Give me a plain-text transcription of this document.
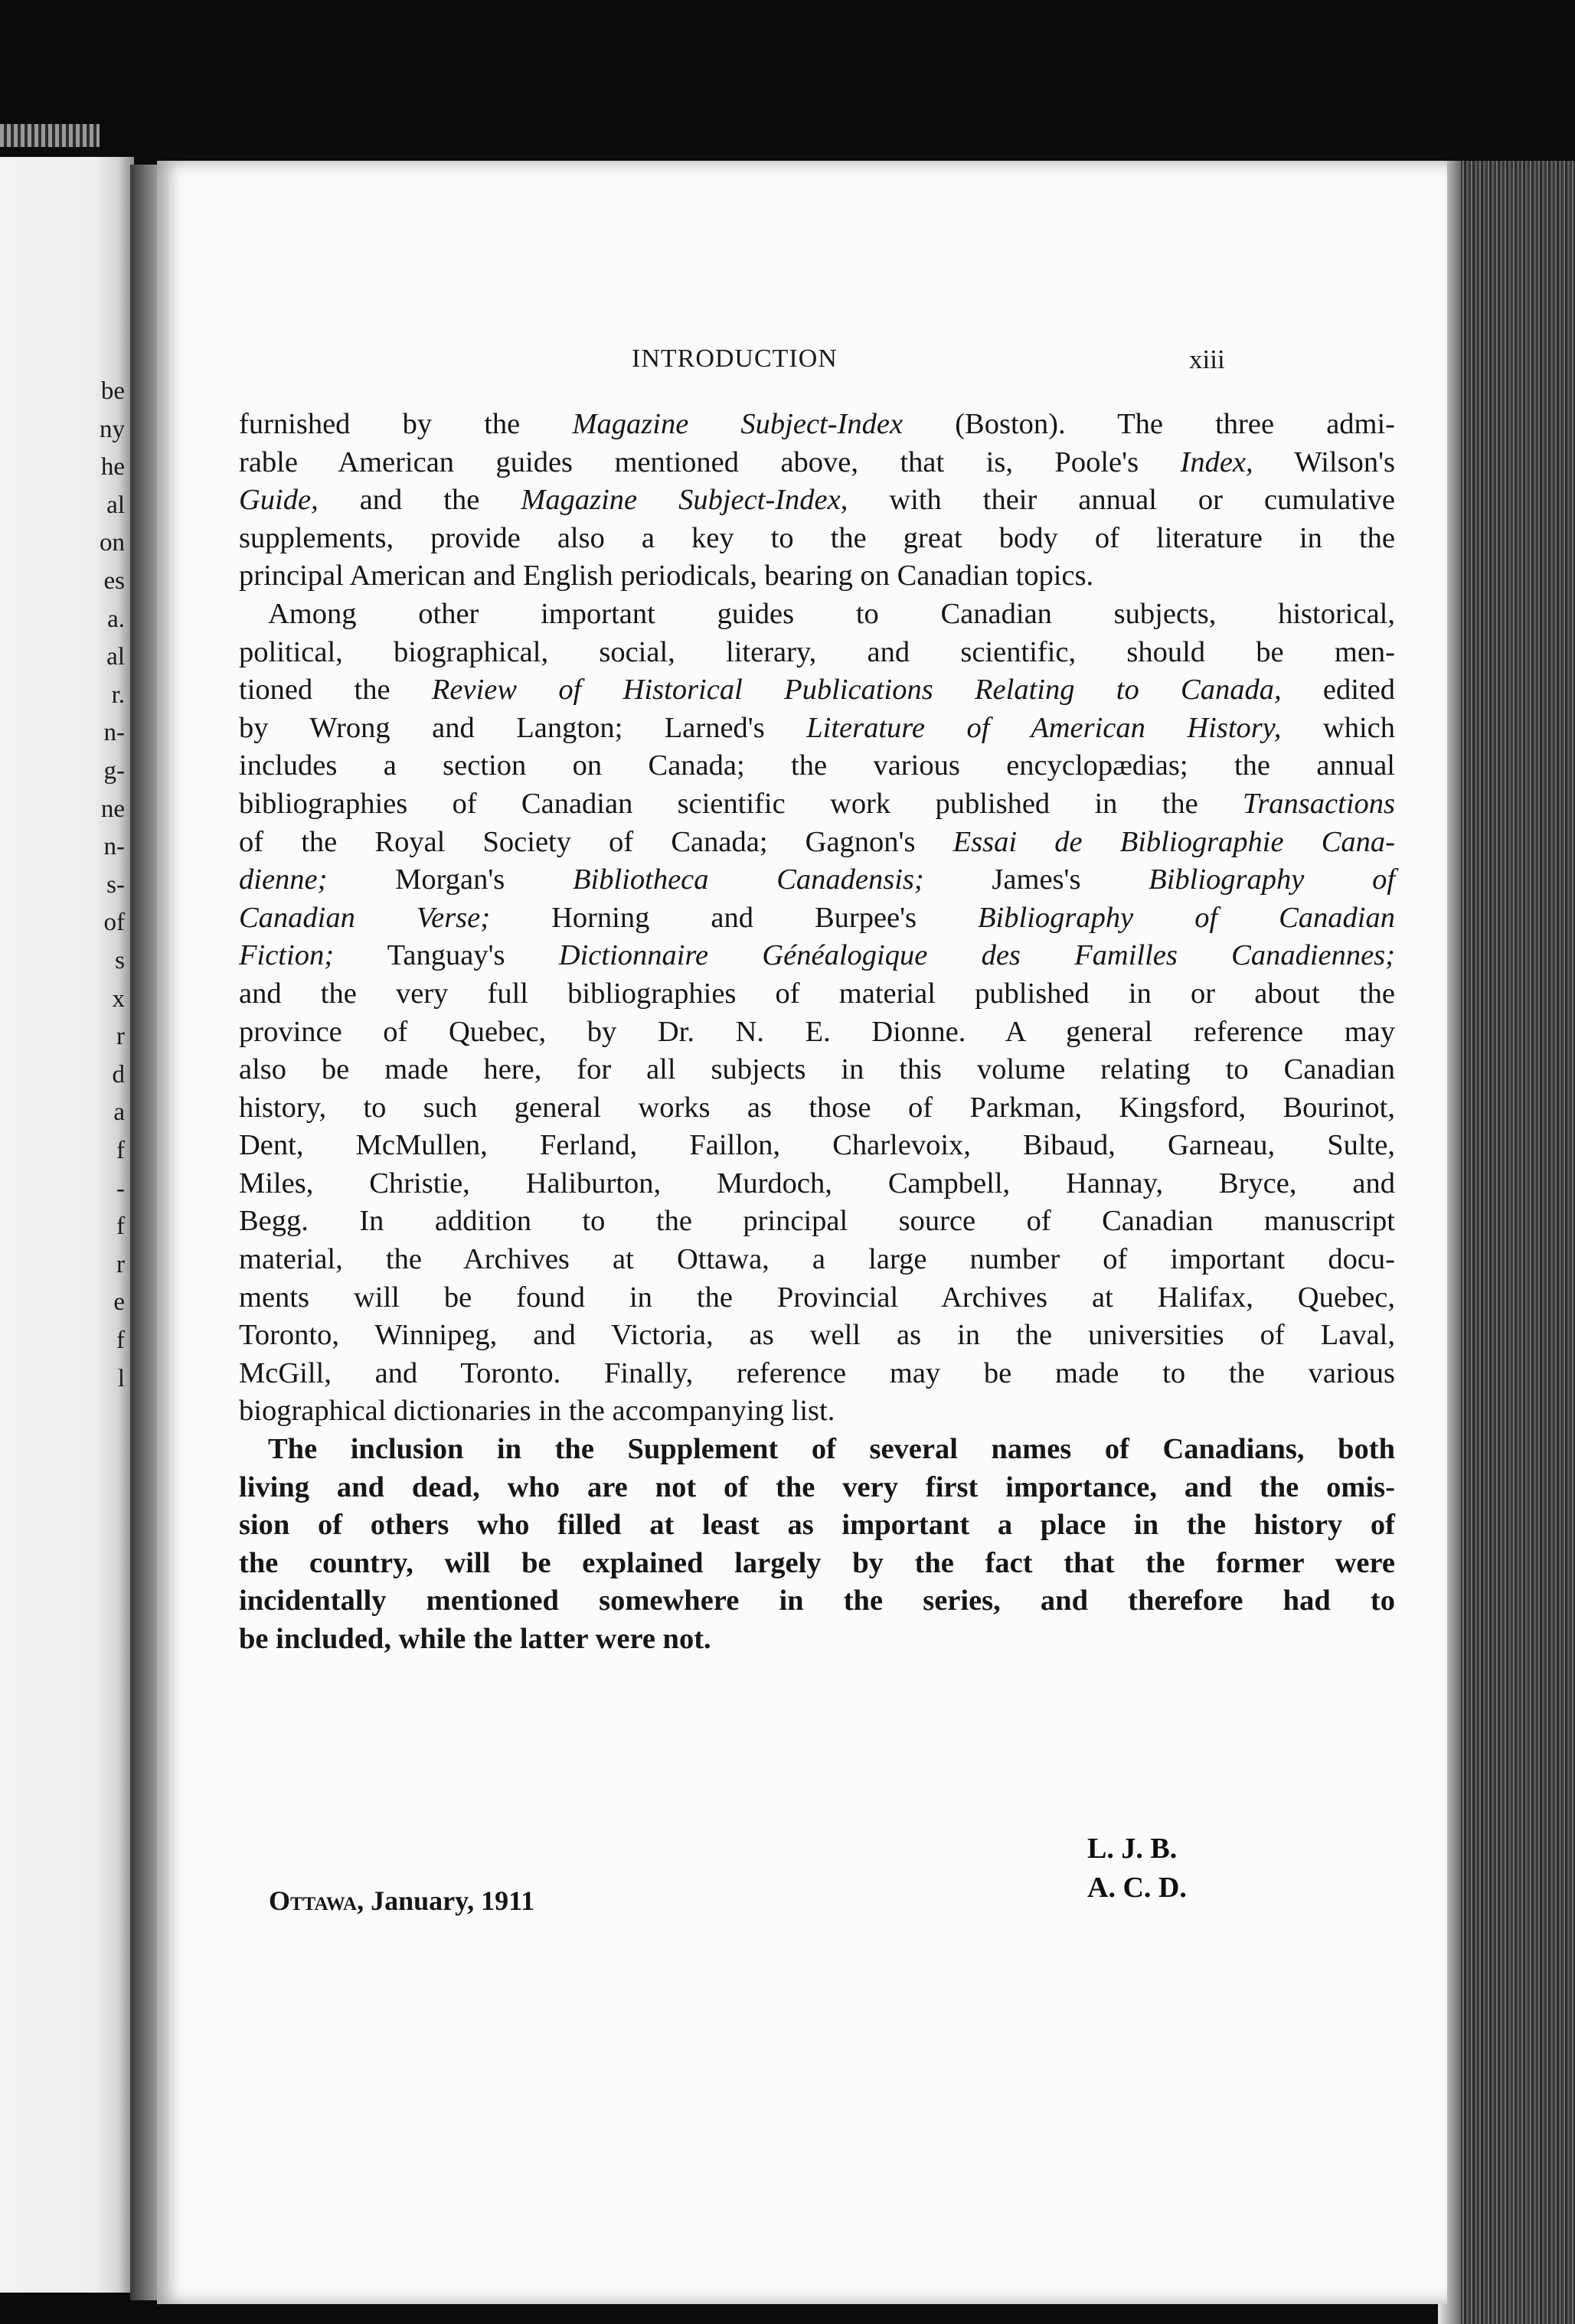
be
ny
he
al
on
es
a.
al
r.
n-
g-
ne
n-
s-
of
s
x
r
d
a
f
-
f
r
e
f
l
INTRODUCTION	xiii
furnished by the Magazine Subject-Index (Boston). The three admi-
rable American guides mentioned above, that is, Poole's Index, Wilson's
Guide, and the Magazine Subject-Index, with their annual or cumulative
supplements, provide also a key to the great body of literature in the
principal American and English periodicals, bearing on Canadian topics.
Among other important guides to Canadian subjects, historical,
political, biographical, social, literary, and scientific, should be men-
tioned the Review of Historical Publications Relating to Canada, edited
by Wrong and Langton; Larned's Literature of American History, which
includes a section on Canada; the various encyclopædias; the annual
bibliographies of Canadian scientific work published in the Transactions
of the Royal Society of Canada; Gagnon's Essai de Bibliographie Cana-
dienne; Morgan's Bibliotheca Canadensis; James's Bibliography of
Canadian Verse; Horning and Burpee's Bibliography of Canadian
Fiction; Tanguay's Dictionnaire Généalogique des Familles Canadiennes;
and the very full bibliographies of material published in or about the
province of Quebec, by Dr. N. E. Dionne. A general reference may
also be made here, for all subjects in this volume relating to Canadian
history, to such general works as those of Parkman, Kingsford, Bourinot,
Dent, McMullen, Ferland, Faillon, Charlevoix, Bibaud, Garneau, Sulte,
Miles, Christie, Haliburton, Murdoch, Campbell, Hannay, Bryce, and
Begg. In addition to the principal source of Canadian manuscript
material, the Archives at Ottawa, a large number of important docu-
ments will be found in the Provincial Archives at Halifax, Quebec,
Toronto, Winnipeg, and Victoria, as well as in the universities of Laval,
McGill, and Toronto. Finally, reference may be made to the various
biographical dictionaries in the accompanying list.
The inclusion in the Supplement of several names of Canadians, both
living and dead, who are not of the very first importance, and the omis-
sion of others who filled at least as important a place in the history of
the country, will be explained largely by the fact that the former were
incidentally mentioned somewhere in the series, and therefore had to
be included, while the latter were not.
L. J. B.
A. C. D.
Ottawa, January, 1911
